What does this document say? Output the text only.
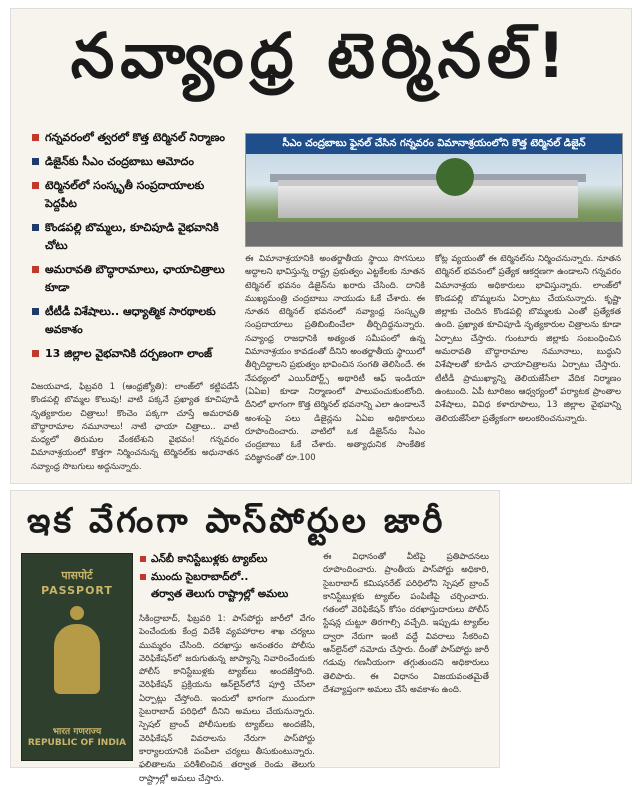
నవ్యాంధ్ర టెర్మినల్!
గన్నవరంలో త్వరలో కొత్త టెర్మినల్ నిర్మాణం
డిజైన్‌కు సీఎం చంద్రబాబు ఆమోదం
టెర్మినల్‌లో సంస్కృతీ సంప్రదాయాలకు పెద్దపీట
కొండపల్లి బొమ్మలు, కూచిపూడి వైభవానికి చోటు
అమరావతి బౌద్ధారామాలు, ఛాయాచిత్రాలు కూడా
టీటీడీ విశేషాలు.. ఆధ్యాత్మిక సారథాలకు అవకాశం
13 జిల్లాల వైభవానికి దర్పణంగా లాంజ్
విజయవాడ, ఫిబ్రవరి 1 (ఆంధ్రజ్యోతి): లాంజ్‌లో కట్టిపడేసే కొండపల్లి బొమ్మల కొలువు! వాటి పక్కనే ప్రఖ్యాత కూచిపూడి నృత్యకారుల చిత్రాలు! కొంచెం పక్కగా చూస్తే అమరావతి బౌద్ధారామాల నమూనాలు! నాటి ఛాయా చిత్రాలు.. వాటి మధ్యలో తిరుమల వేంకటేశుని వైభవం! గన్నవరం విమానాశ్రయంలో కొత్తగా నిర్మించనున్న టెర్మినల్‌కు అధునాతన నవ్యాంధ్ర సొబగులు అద్దనున్నారు.
సీఎం చంద్రబాబు ఫైనల్ చేసిన గన్నవరం విమానాశ్రయంలోని కొత్త టెర్మినల్ డిజైన్
ఈ విమానాశ్రయానికి అంతర్జాతీయ స్థాయి సొగసులు అద్దాలని భావిస్తున్న రాష్ట్ర ప్రభుత్వం ఎట్టకేలకు నూతన టెర్మినల్ భవనం డిజైన్‌ను ఖరారు చేసింది. దానికి ముఖ్యమంత్రి చంద్రబాబు నాయుడు ఓకే చేశారు. ఈ నూతన టెర్మినల్ భవనంలో నవ్యాంధ్ర సంస్కృతి సంప్రదాయాలు ప్రతిబింబించేలా తీర్చిదిద్దనున్నారు. నవ్యాంధ్ర రాజధానికి అత్యంత సమీపంలో ఉన్న విమానాశ్రయం కావడంతో దీనిని అంతర్జాతీయ స్థాయిలో తీర్చిదిద్దాలని ప్రభుత్వం భావించిన సంగతి తెలిసిందే. ఈ నేపథ్యంలో ఎయిర్‌పోర్ట్స్ అథారిటీ ఆఫ్ ఇండియా (ఏఏఐ) కూడా నిర్మాణంలో పాలుపంచుకుంటోంది. దీనిలో భాగంగా కొత్త టెర్మినల్ భవనాన్ని ఎలా ఉండాలనే అంశంపై పలు డిజైన్లను ఏఏఐ అధికారులు రూపొందించారు. వాటిలో ఒక డిజైన్‌ను సీఎం చంద్రబాబు ఓకే చేశారు. అత్యాధునిక సాంకేతిక పరిజ్ఞానంతో రూ.100
కోట్ల వ్యయంతో ఈ టెర్మినల్‌ను నిర్మించనున్నారు. నూతన టెర్మినల్ భవనంలో ప్రత్యేక ఆకర్షణగా ఉండాలని గన్నవరం విమానాశ్రయ అధికారులు భావిస్తున్నారు. లాంజ్‌లో కొండపల్లి బొమ్మలను ఏర్పాటు చేయనున్నారు. కృష్ణా జిల్లాకు చెందిన కొండపల్లి బొమ్మలకు ఎంతో ప్రత్యేకత ఉంది. ప్రఖ్యాత కూచిపూడి నృత్యకారుల చిత్రాలను కూడా ఏర్పాటు చేస్తారు. గుంటూరు జిల్లాకు సంబంధించిన అమరావతి బౌద్ధారామాల నమూనాలు, బుద్ధుని విశేషాలతో కూడిన ఛాయాచిత్రాలను ఏర్పాటు చేస్తారు. టీటీడీ ప్రాముఖ్యాన్ని తెలియజేసేలా వేదిక నిర్మాణం ఉంటుంది. ఏపీ టూరిజం ఆధ్వర్యంలో పర్యాటక ప్రాంతాల విశేషాలు, వివిధ కళారూపాలు, 13 జిల్లాల వైభవాన్ని తెలియజేసేలా ప్రత్యేకంగా అలంకరించనున్నారు.
ఇక వేగంగా పాస్‌పోర్టుల జారీ
पासपोर्ट
PASSPORT
भारत गणराज्य
REPUBLIC OF INDIA
ఎన్‌బీ కానిస్టేబుళ్లకు ట్యాబ్‌లు
ముందు సైబరాబాద్‌లో..
తర్వాత తెలుగు రాష్ట్రాల్లో అమలు
సికింద్రాబాద్, ఫిబ్రవరి 1: పాస్‌పోర్టు జారీలో వేగం పెంచేందుకు కేంద్ర విదేశీ వ్యవహారాల శాఖ చర్యలు ముమ్మరం చేసింది. దరఖాస్తు అనంతరం పోలీసు వెరిఫికేషన్‌లో జరుగుతున్న జాప్యాన్ని నివారించేందుకు పోలీస్ కానిస్టేబుళ్లకు ట్యాబ్‌లు అందజేస్తోంది. వెరిఫికేషన్ ప్రక్రియను ఆన్‌లైన్‌లోనే పూర్తి చేసేలా ఏర్పాట్లు చేస్తోంది. ఇందులో భాగంగా ముందుగా సైబరాబాద్ పరిధిలో దీనిని అమలు చేయనున్నారు. స్పెషల్ బ్రాంచ్ పోలీసులకు ట్యాబ్‌లు అందజేసి, వెరిఫికేషన్ వివరాలను నేరుగా పాస్‌పోర్టు కార్యాలయానికి పంపేలా చర్యలు తీసుకుంటున్నారు. ఫలితాలను పరిశీలించిన తర్వాత రెండు తెలుగు రాష్ట్రాల్లో అమలు చేస్తారు.
ఈ విధానంతో వీటిపై ప్రతిపాదనలు రూపొందించారు. ప్రాంతీయ పాస్‌పోర్టు అధికారి, సైబరాబాద్ కమిషనరేట్ పరిధిలోని స్పెషల్ బ్రాంచ్ కానిస్టేబుళ్లకు ట్యాబ్‌ల పంపిణీపై చర్చించారు. గతంలో వెరిఫికేషన్ కోసం దరఖాస్తుదారులు పోలీస్ స్టేషన్ల చుట్టూ తిరగాల్సి వచ్చేది. ఇప్పుడు ట్యాబ్‌ల ద్వారా నేరుగా ఇంటి వద్దే వివరాలు సేకరించి ఆన్‌లైన్‌లో నమోదు చేస్తారు. దీంతో పాస్‌పోర్టు జారీ గడువు గణనీయంగా తగ్గుతుందని అధికారులు తెలిపారు. ఈ విధానం విజయవంతమైతే దేశవ్యాప్తంగా అమలు చేసే అవకాశం ఉంది.
